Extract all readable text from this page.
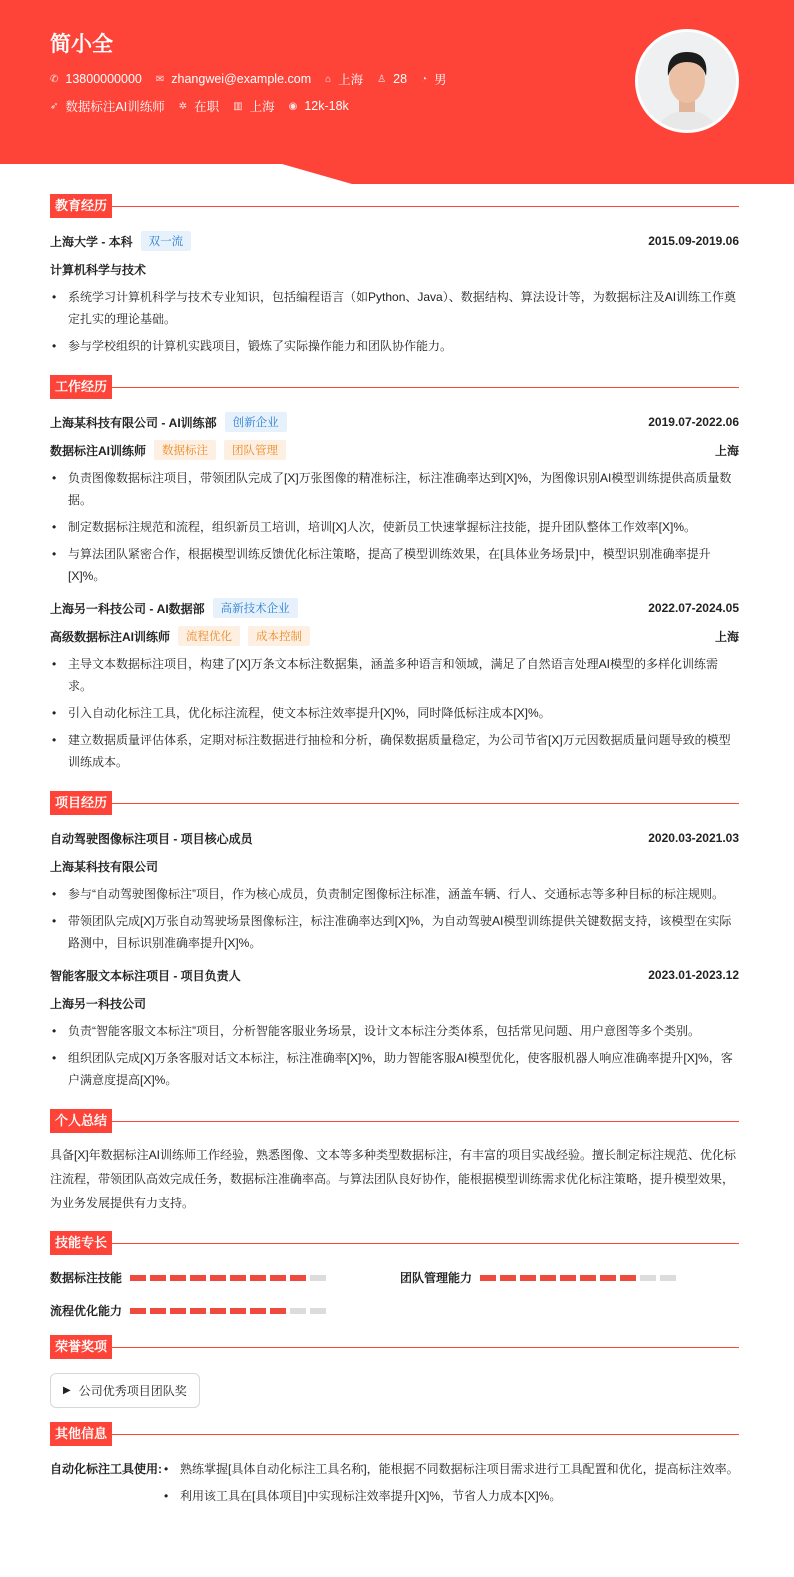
简小全
✆ 13800000000 ✉ zhangwei@example.com ⌂ 上海 ♙ 28 ◔ 男
➶ 数据标注AI训练师 ✲ 在职 ▥ 上海 ◉ 12k-18k
教育经历
上海大学 - 本科	双一流	2015.09-2019.06
计算机科学与技术
• 系统学习计算机科学与技术专业知识，包括编程语言（如Python、Java）、数据结构、算法设计等，为数据标注及AI训练工作奠定扎实的理论基础。
• 参与学校组织的计算机实践项目，锻炼了实际操作能力和团队协作能力。
工作经历
上海某科技有限公司 - AI训练部	创新企业	2019.07-2022.06
数据标注AI训练师	数据标注	团队管理	上海
• 负责图像数据标注项目，带领团队完成了[X]万张图像的精准标注，标注准确率达到[X]%，为图像识别AI模型训练提供高质量数据。
• 制定数据标注规范和流程，组织新员工培训，培训[X]人次，使新员工快速掌握标注技能，提升团队整体工作效率[X]%。
• 与算法团队紧密合作，根据模型训练反馈优化标注策略，提高了模型训练效果，在[具体业务场景]中，模型识别准确率提升[X]%。
上海另一科技公司 - AI数据部	高新技术企业	2022.07-2024.05
高级数据标注AI训练师	流程优化	成本控制	上海
• 主导文本数据标注项目，构建了[X]万条文本标注数据集，涵盖多种语言和领域，满足了自然语言处理AI模型的多样化训练需求。
• 引入自动化标注工具，优化标注流程，使文本标注效率提升[X]%，同时降低标注成本[X]%。
• 建立数据质量评估体系，定期对标注数据进行抽检和分析，确保数据质量稳定，为公司节省[X]万元因数据质量问题导致的模型训练成本。
项目经历
自动驾驶图像标注项目 - 项目核心成员	2020.03-2021.03
上海某科技有限公司
• 参与“自动驾驶图像标注”项目，作为核心成员，负责制定图像标注标准，涵盖车辆、行人、交通标志等多种目标的标注规则。
• 带领团队完成[X]万张自动驾驶场景图像标注，标注准确率达到[X]%，为自动驾驶AI模型训练提供关键数据支持，该模型在实际路测中，目标识别准确率提升[X]%。
智能客服文本标注项目 - 项目负责人	2023.01-2023.12
上海另一科技公司
• 负责“智能客服文本标注”项目，分析智能客服业务场景，设计文本标注分类体系，包括常见问题、用户意图等多个类别。
• 组织团队完成[X]万条客服对话文本标注，标注准确率[X]%，助力智能客服AI模型优化，使客服机器人响应准确率提升[X]%，客户满意度提高[X]%。
个人总结
具备[X]年数据标注AI训练师工作经验，熟悉图像、文本等多种类型数据标注，有丰富的项目实战经验。擅长制定标注规范、优化标注流程，带领团队高效完成任务，数据标注准确率高。与算法团队良好协作，能根据模型训练需求优化标注策略，提升模型效果，为业务发展提供有力支持。
技能专长
数据标注技能	团队管理能力
流程优化能力
荣誉奖项
▶ 公司优秀项目团队奖
其他信息
自动化标注工具使用:	• 熟练掌握[具体自动化标注工具名称]，能根据不同数据标注项目需求进行工具配置和优化，提高标注效率。
• 利用该工具在[具体项目]中实现标注效率提升[X]%，节省人力成本[X]%。
